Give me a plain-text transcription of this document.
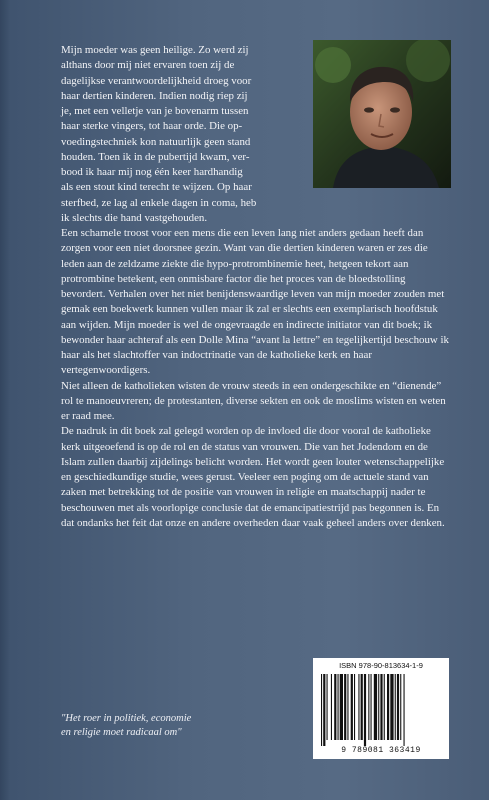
Mijn moeder was geen heilige. Zo werd zij
althans door mij niet ervaren toen zij de
dagelijkse verantwoordelijkheid droeg voor
haar dertien kinderen. Indien nodig riep zij
je, met een velletje van je bovenarm tussen
haar sterke vingers, tot haar orde. Die op-
voedingstechniek kon natuurlijk geen stand
houden. Toen ik in de pubertijd kwam, ver-
bood ik haar mij nog één keer hardhandig
als een stout kind terecht te wijzen. Op haar
sterfbed, ze lag al enkele dagen in coma, heb
ik slechts die hand vastgehouden.

Een schamele troost voor een mens die een leven lang niet anders gedaan heeft dan zorgen voor een niet doorsnee gezin. Want van die dertien kinderen waren er zes die leden aan de zeldzame ziekte die hypo-protrombinemie heet, hetgeen tekort aan protrombine betekent, een onmisbare factor die het proces van de bloedstolling bevordert. Verhalen over het niet benijdenswaardige leven van mijn moeder zouden met gemak een boekwerk kunnen vullen maar ik zal er slechts een exemplarisch hoofdstuk aan wijden. Mijn moeder is wel de ongevraagde en indirecte initiator van dit boek; ik bewonder haar achteraf als een Dolle Mina “avant la lettre” en tegelijkertijd beschouw ik haar als het slachtoffer van indoctrinatie van de katholieke kerk en haar vertegenwoordigers.

Niet alleen de katholieken wisten de vrouw steeds in een ondergeschikte en “dienende” rol te manoeuvreren; de protestanten, diverse sekten en ook de moslims wisten en weten er raad mee.

De nadruk in dit boek zal gelegd worden op de invloed die door vooral de katholieke kerk uitgeoefend is op de rol en de status van vrouwen. Die van het Jodendom en de Islam zullen daarbij zijdelings belicht worden. Het wordt geen louter wetenschappelijke en geschiedkundige studie, wees gerust. Veeleer een poging om de actuele stand van zaken met betrekking tot de positie van vrouwen in religie en maatschappij nader te beschouwen met als voorlopige conclusie dat de emancipatiestrijd pas begonnen is. En dat ondanks het feit dat onze en andere overheden daar vaak geheel anders over denken.

"Het roer in politiek, economie
en religie moet radicaal om"
ISBN 978-90-813634-1-9
9 789081 363419
